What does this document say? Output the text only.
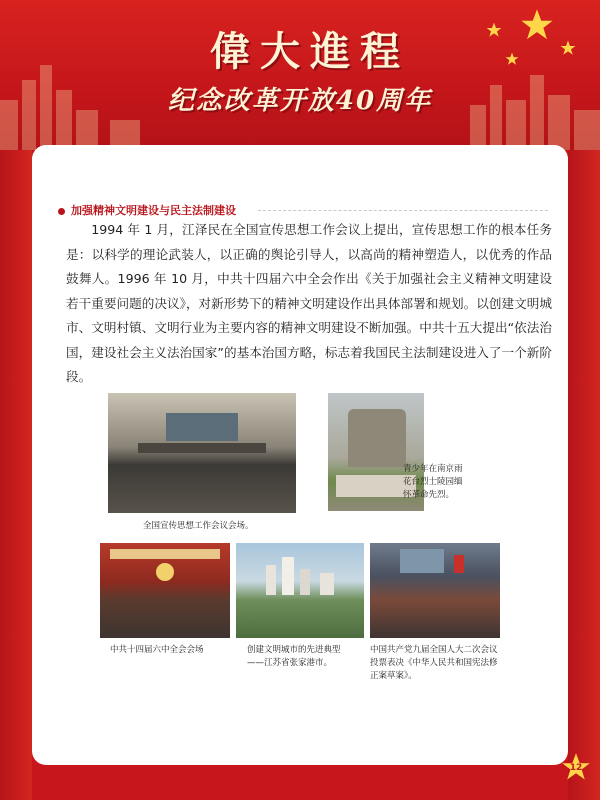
偉大進程
纪念改革开放40周年
加强精神文明建设与民主法制建设
1994 年 1 月，江泽民在全国宣传思想工作会议上提出，宣传思想工作的根本任务是：以科学的理论武装人，以正确的舆论引导人，以高尚的精神塑造人，以优秀的作品鼓舞人。1996 年 10 月，中共十四届六中全会作出《关于加强社会主义精神文明建设若干重要问题的决议》，对新形势下的精神文明建设作出具体部署和规划。以创建文明城市、文明村镇、文明行业为主要内容的精神文明建设不断加强。中共十五大提出“依法治国，建设社会主义法治国家”的基本治国方略，标志着我国民主法制建设进入了一个新阶段。
全国宣传思想工作会议会场。
青少年在南京雨
花台烈士陵园缅
怀革命先烈。
中共十四届六中全会会场	创建文明城市的先进典型
——江苏省张家港市。
中国共产党九届全国人大二次会议
投票表决《中华人民共和国宪法修
正案草案》。
12
